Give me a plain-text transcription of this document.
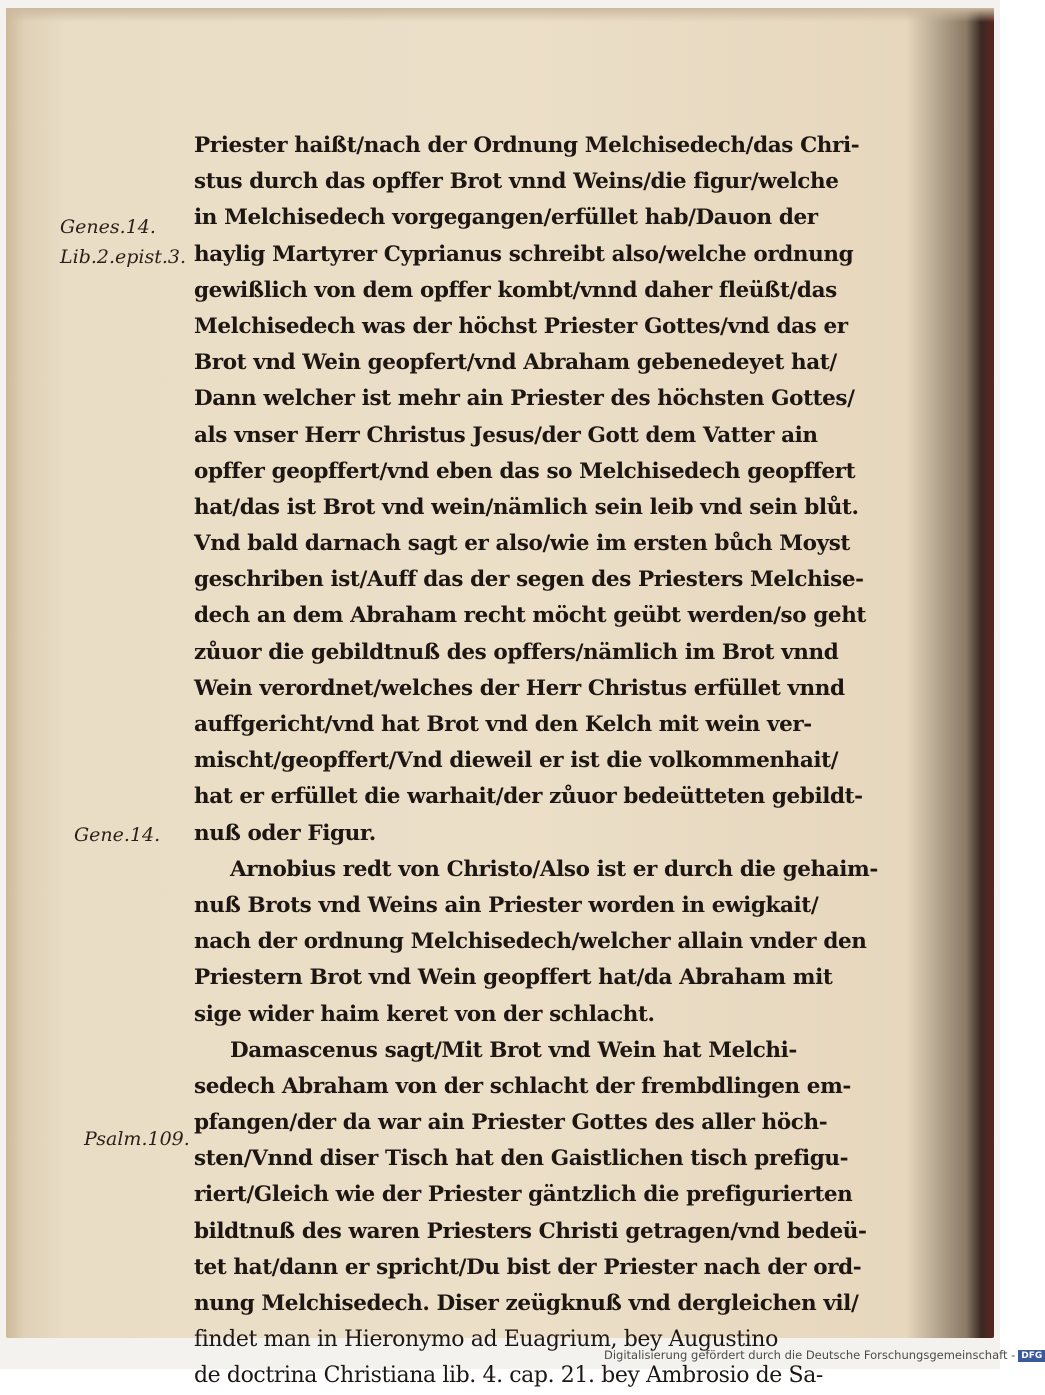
Genes.14.
Lib.2.epist.3.
Gene.14.
Psalm.109.
Priester haißt/nach der Ordnung Melchisedech/das Chri-
stus durch das opffer Brot vnnd Weins/die figur/welche
in Melchisedech vorgegangen/erfüllet hab/Dauon der
haylig Martyrer Cyprianus schreibt also/welche ordnung
gewißlich von dem opffer kombt/vnnd daher fleüßt/das
Melchisedech was der höchst Priester Gottes/vnd das er
Brot vnd Wein geopfert/vnd Abraham gebenedeyet hat/
Dann welcher ist mehr ain Priester des höchsten Gottes/
als vnser Herr Christus Jesus/der Gott dem Vatter ain
opffer geopffert/vnd eben das so Melchisedech geopffert
hat/das ist Brot vnd wein/nämlich sein leib vnd sein blůt.
Vnd bald darnach sagt er also/wie im ersten bůch Moyst
geschriben ist/Auff das der segen des Priesters Melchise-
dech an dem Abraham recht möcht geübt werden/so geht
zůuor die gebildtnuß des opffers/nämlich im Brot vnnd
Wein verordnet/welches der Herr Christus erfüllet vnnd
auffgericht/vnd hat Brot vnd den Kelch mit wein ver-
mischt/geopffert/Vnd dieweil er ist die volkommenhait/
hat er erfüllet die warhait/der zůuor bedeütteten gebildt-
nuß oder Figur.
Arnobius redt von Christo/Also ist er durch die gehaim-
nuß Brots vnd Weins ain Priester worden in ewigkait/
nach der ordnung Melchisedech/welcher allain vnder den
Priestern Brot vnd Wein geopffert hat/da Abraham mit
sige wider haim keret von der schlacht.
Damascenus sagt/Mit Brot vnd Wein hat Melchi-
sedech Abraham von der schlacht der frembdlingen em-
pfangen/der da war ain Priester Gottes des aller höch-
sten/Vnnd diser Tisch hat den Gaistlichen tisch prefigu-
riert/Gleich wie der Priester gäntzlich die prefigurierten
bildtnuß des waren Priesters Christi getragen/vnd bedeü-
tet hat/dann er spricht/Du bist der Priester nach der ord-
nung Melchisedech. Diser zeügknuß vnd dergleichen vil/
findet man in Hieronymo ad Euagrium, bey Augustino
de doctrina Christiana lib. 4. cap. 21. bey Ambrosio de Sa-
Digitalisierung gefördert durch die Deutsche Forschungsgemeinschaft - DFG
